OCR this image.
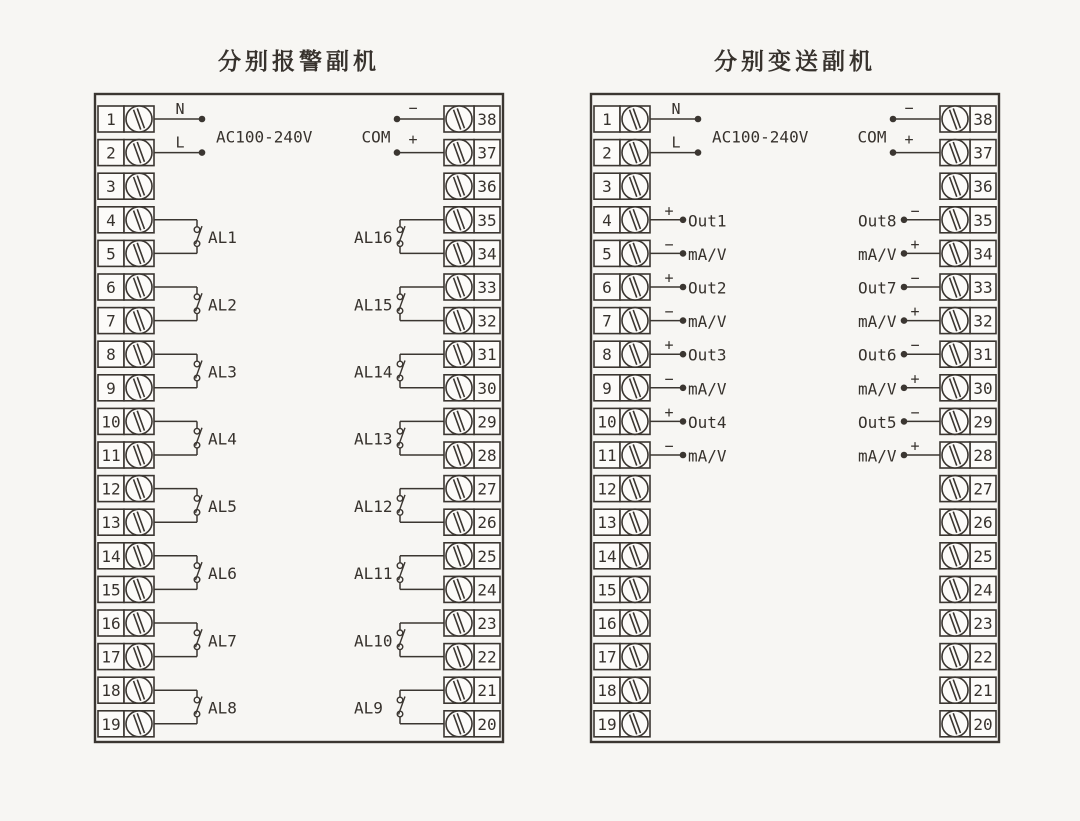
分别报警副机	分别变送副机
1
2
3
4
5
6
7
8
9
10
11
12
13
14
15
16
17
18
19
38
37
36
35
34
33
32
31
30
29
28
27
26
25
24
23
22
21
20
N
L AC100-240V	COM
−
+
AL1
AL2
AL3
AL4
AL5
AL6
AL7
AL8
AL16
AL15
AL14
AL13
AL12
AL11
AL10
AL9
1
2
3
4
5
6
7
8
9
10
11
12
13
14
15
16
17
18
19
38
37
36
35
34
33
32
31
30
29
28
27
26
25
24
23
22
21
20
N
L AC100-240V	COM
−
+
+
Out1
−
mA/V
+
Out2
−
mA/V
+
Out3
−
mA/V
+
Out4
−
mA/V
−
Out8
+
mA/V
−
Out7
+
mA/V
−
Out6
+
mA/V
−
Out5
+
mA/V
